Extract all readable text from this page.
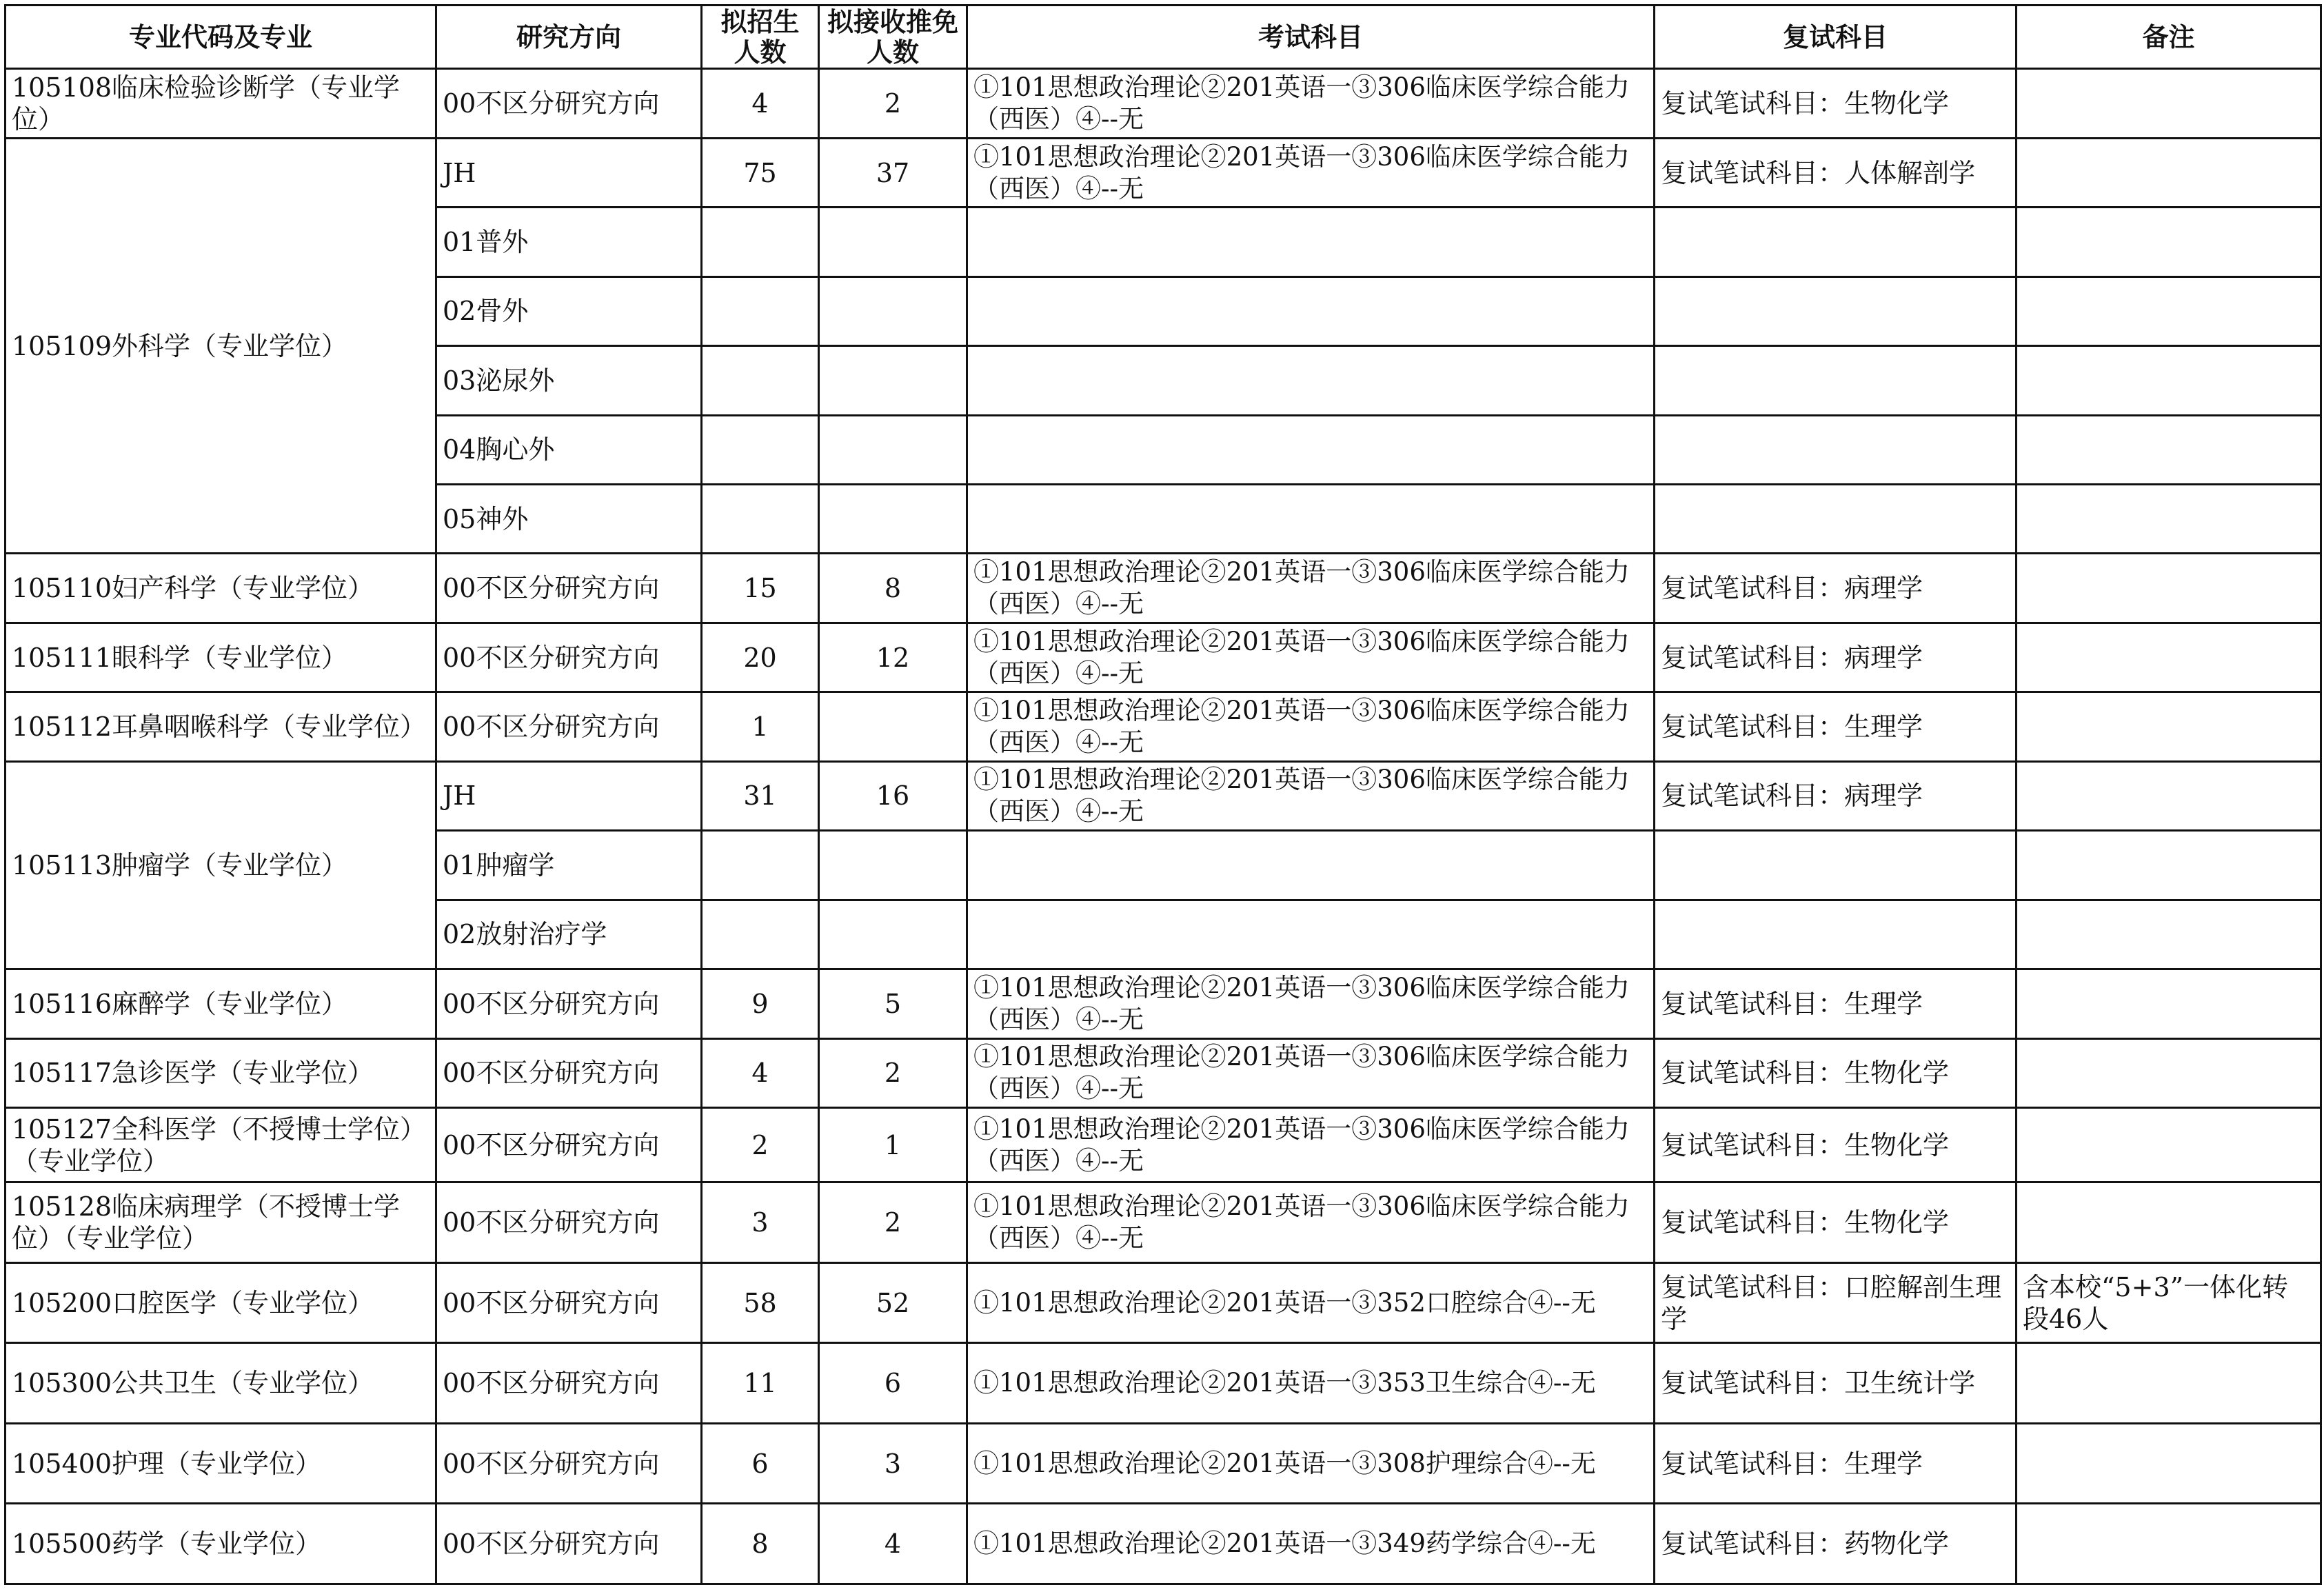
专业代码及专业	研究方向	拟招生人数	拟接收推免人数	考试科目	复试科目	备注
105108临床检验诊断学（专业学位）	00不区分研究方向	4	2	①101思想政治理论②201英语一③306临床医学综合能力（西医）④--无	复试笔试科目：生物化学	
105109外科学（专业学位）	JH	75	37	①101思想政治理论②201英语一③306临床医学综合能力（西医）④--无	复试笔试科目：人体解剖学	
	01普外					
	02骨外					
	03泌尿外					
	04胸心外					
	05神外					
105110妇产科学（专业学位）	00不区分研究方向	15	8	①101思想政治理论②201英语一③306临床医学综合能力（西医）④--无	复试笔试科目：病理学	
105111眼科学（专业学位）	00不区分研究方向	20	12	①101思想政治理论②201英语一③306临床医学综合能力（西医）④--无	复试笔试科目：病理学	
105112耳鼻咽喉科学（专业学位）	00不区分研究方向	1		①101思想政治理论②201英语一③306临床医学综合能力（西医）④--无	复试笔试科目：生理学	
105113肿瘤学（专业学位）	JH	31	16	①101思想政治理论②201英语一③306临床医学综合能力（西医）④--无	复试笔试科目：病理学	
	01肿瘤学					
	02放射治疗学					
105116麻醉学（专业学位）	00不区分研究方向	9	5	①101思想政治理论②201英语一③306临床医学综合能力（西医）④--无	复试笔试科目：生理学	
105117急诊医学（专业学位）	00不区分研究方向	4	2	①101思想政治理论②201英语一③306临床医学综合能力（西医）④--无	复试笔试科目：生物化学	
105127全科医学（不授博士学位）（专业学位）	00不区分研究方向	2	1	①101思想政治理论②201英语一③306临床医学综合能力（西医）④--无	复试笔试科目：生物化学	
105128临床病理学（不授博士学位）（专业学位）	00不区分研究方向	3	2	①101思想政治理论②201英语一③306临床医学综合能力（西医）④--无	复试笔试科目：生物化学	
105200口腔医学（专业学位）	00不区分研究方向	58	52	①101思想政治理论②201英语一③352口腔综合④--无	复试笔试科目：口腔解剖生理学	含本校“5+3”一体化转段46人
105300公共卫生（专业学位）	00不区分研究方向	11	6	①101思想政治理论②201英语一③353卫生综合④--无	复试笔试科目：卫生统计学	
105400护理（专业学位）	00不区分研究方向	6	3	①101思想政治理论②201英语一③308护理综合④--无	复试笔试科目：生理学	
105500药学（专业学位）	00不区分研究方向	8	4	①101思想政治理论②201英语一③349药学综合④--无	复试笔试科目：药物化学	
